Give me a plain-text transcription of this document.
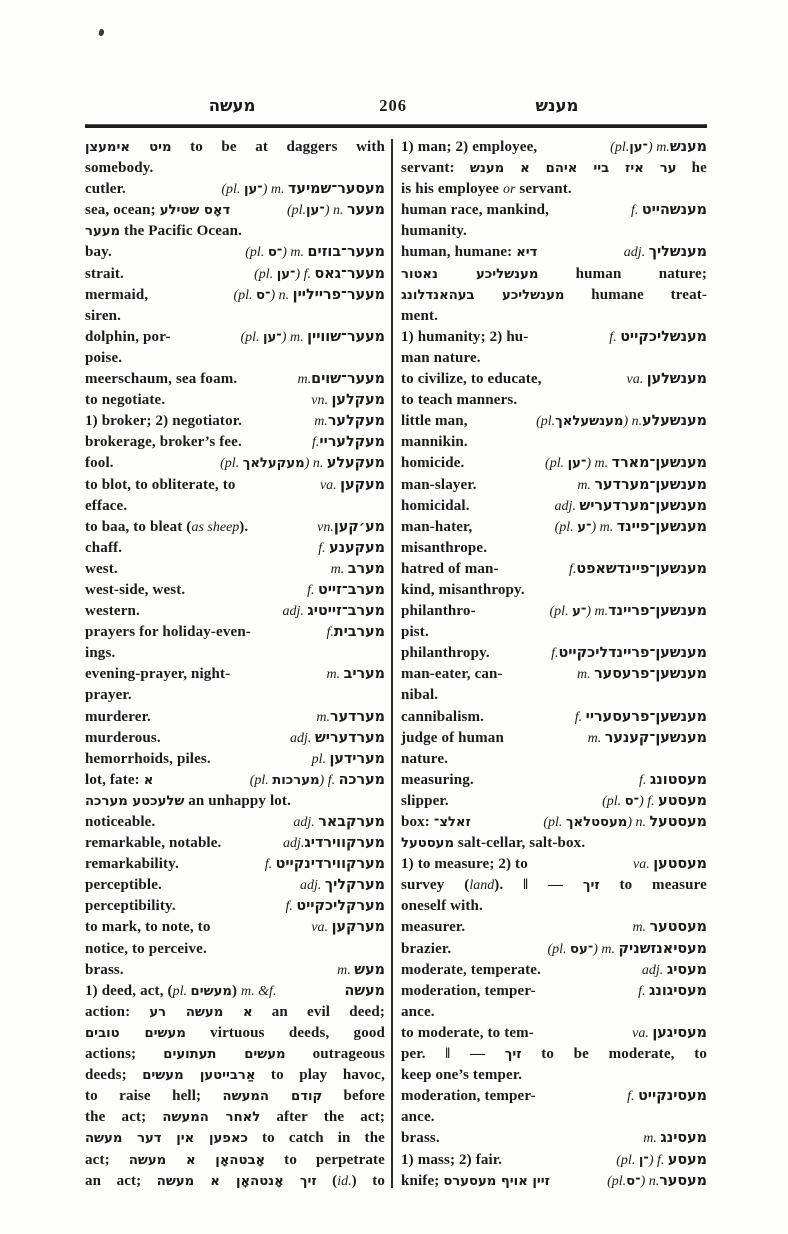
מעשה	206	מענש
מיט אימעצן to be at daggers with
somebody.
cutler.	(pl. ־ען) m. מעסער־שמיעד
sea, ocean; דאָס שטילע	(pl.־ען) n. מעער
מעער the Pacific Ocean.
bay.	(pl. ־ס) m. מעער־בוזים
strait.	(pl. ־ען) f. מעער־גאס
mermaid,	(pl. ־ס) n. מעער־פרייליין
siren.
dolphin, por-	(pl. ־ען) m. מעער־שוויין
poise.
meerschaum, sea foam.	m.מעער־שוים
to negotiate.	vn. מעקלען
1) broker; 2) negotiator.	m.מעקלער
brokerage, broker’s fee.	f.מעקלעריי
fool.	(pl. מעקעלאך) n. מעקעלע
to blot, to obliterate, to	va. מעקען
efface.
to baa, to bleat (as sheep).	vn.מע׳קען
chaff.	f. מעקענע
west.	m. מערב
west-side, west.	f. מערב־זייט
western.	adj. מערב־זייטיג
prayers for holiday-even-	f.מערבית
ings.
evening-prayer, night-	m. מעריב
prayer.
murderer.	m.מערדער
murderous.	adj. מערדעריש
hemorrhoids, piles.	pl. מערידען
lot, fate: א	(pl. מערכות) f. מערכה
שלעכטע מערכה an unhappy lot.
noticeable.	adj. מערקבאר
remarkable, notable.	adj.מערקווירדיג
remarkability.	f. מערקווירדינקייט
perceptible.	adj. מערקליך
perceptibility.	f. מערקליכקייט
to mark, to note, to	va. מערקען
notice, to perceive.
brass.	m. מעש
1) deed, act, (pl. מעשים) m. &f.	מעשה
action: א מעשה רע an evil deed;
מעשים טובים virtuous deeds, good
actions; מעשים תעתועים outrageous
deeds; אַרבייטען מעשים to play havoc,
to raise hell; קודם המעשה before
the act; לאחר המעשה after the act;
כאפען אין דער מעשה to catch in the
act; אָבטהאָן א מעשה to perpetrate
an act; זיך אָנטהאָן א מעשה (id.) to
1) man; 2) employee,	(pl.־ען) m.מענש
servant: ער איז ביי איהם א מענש he
is his employee or servant.
human race, mankind,	f. מענשהייט
humanity.
human, humane: דיא	adj. מענשליך
מענשליכע נאטור human nature;
מענשליכע בעהאנדלונג humane treat-
ment.
1) humanity; 2) hu-	f. מענשליכקייט
man nature.
to civilize, to educate,	va. מענשלען
to teach manners.
little man,	(pl.מענשעלאך) n.מענשעלע
mannikin.
homicide.	(pl. ־ען) m. מענשען־מארד
man-slayer.	m. מענשען־מערדער
homicidal.	adj. מענשען־מערדעריש
man-hater,	(pl. ־ע) m. מענשען־פיינד
misanthrope.
hatred of man-	f.מענשען־פיינדשאפט
kind, misanthropy.
philanthro-	(pl. ־ע) m.מענשען־פריינד
pist.
philanthropy.	f.מענשען־פריינדליכקייט
man-eater, can-	m. מענשען־פרעסער
nibal.
cannibalism.	f. מענשען־פרעסעריי
judge of human	m. מענשען־קענער
nature.
measuring.	f. מעסטונג
slipper.	(pl. ־ס) f. מעסטע
box: זאלצ־	(pl. מעסטלאך) n. מעסטעל
מעסטעל salt-cellar, salt-box.
1) to measure; 2) to	va. מעסטען
survey (land). ‖ — זיך to measure
oneself with.
measurer.	m. מעסטער
brazier.	(pl. ־עס) m. מעסיאנזשניק
moderate, temperate.	adj. מעסיג
moderation, temper-	f. מעסיגונג
ance.
to moderate, to tem-	va. מעסיגען
per. ‖ — זיך to be moderate, to
keep one’s temper.
moderation, temper-	f. מעסינקייט
ance.
brass.	m. מעסינג
1) mass; 2) fair.	(pl. ־ן) f. מעסע
knife; זיין אויף מעסערס	(pl.־ס) n.מעסער
